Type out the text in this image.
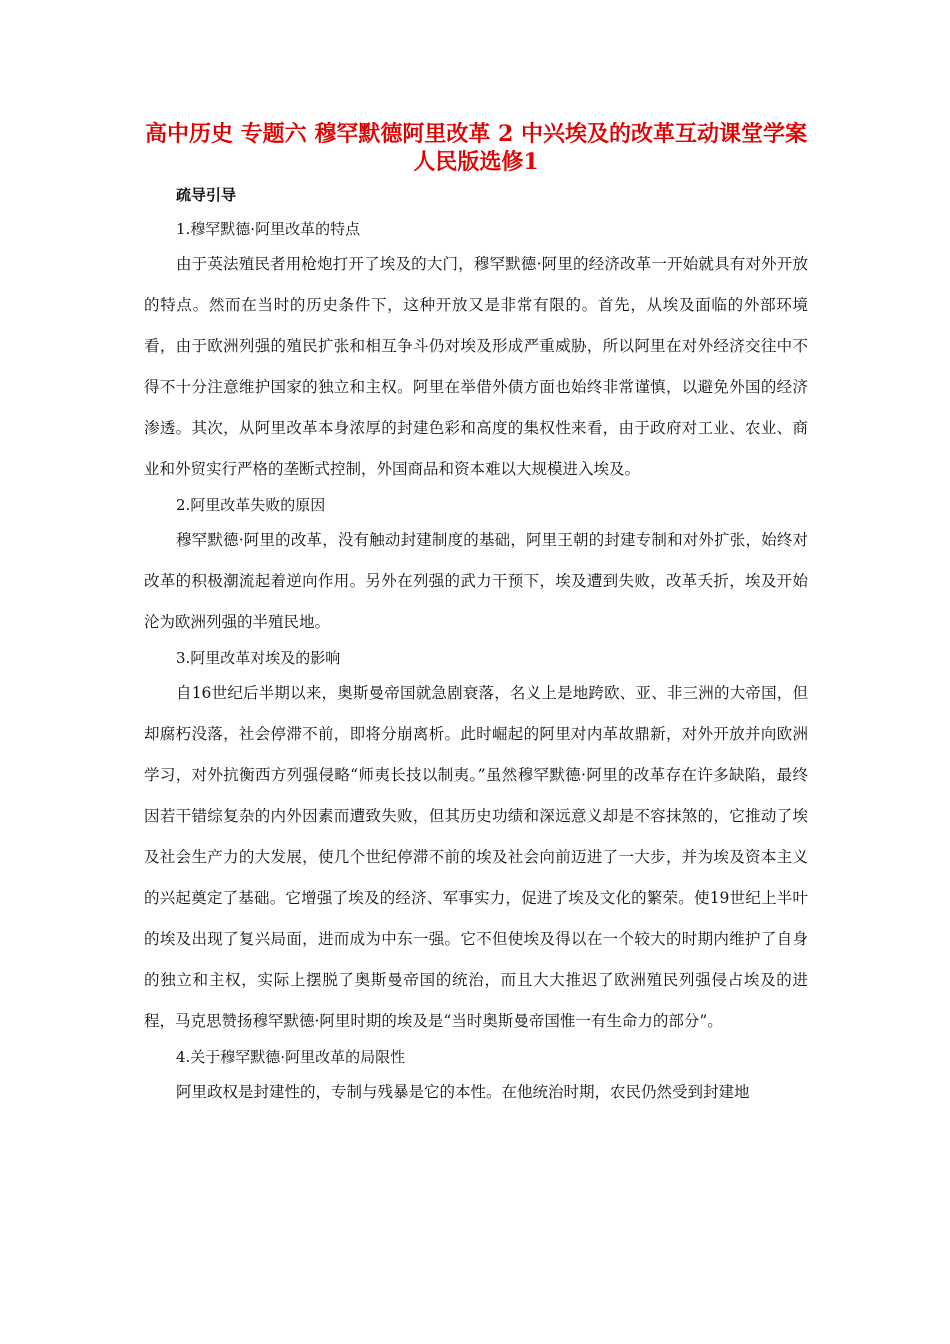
高中历史 专题六 穆罕默德阿里改革 2 中兴埃及的改革互动课堂学案 人民版选修1
疏导引导
1.穆罕默德·阿里改革的特点

由于英法殖民者用枪炮打开了埃及的大门，穆罕默德·阿里的经济改革一开始就具有对外开放的特点。然而在当时的历史条件下，这种开放又是非常有限的。首先，从埃及面临的外部环境看，由于欧洲列强的殖民扩张和相互争斗仍对埃及形成严重威胁，所以阿里在对外经济交往中不得不十分注意维护国家的独立和主权。阿里在举借外债方面也始终非常谨慎，以避免外国的经济渗透。其次，从阿里改革本身浓厚的封建色彩和高度的集权性来看，由于政府对工业、农业、商业和外贸实行严格的垄断式控制，外国商品和资本难以大规模进入埃及。

2.阿里改革失败的原因

穆罕默德·阿里的改革，没有触动封建制度的基础，阿里王朝的封建专制和对外扩张，始终对改革的积极潮流起着逆向作用。另外在列强的武力干预下，埃及遭到失败，改革夭折，埃及开始沦为欧洲列强的半殖民地。

3.阿里改革对埃及的影响

自16世纪后半期以来，奥斯曼帝国就急剧衰落，名义上是地跨欧、亚、非三洲的大帝国，但却腐朽没落，社会停滞不前，即将分崩离析。此时崛起的阿里对内革故鼎新，对外开放并向欧洲学习，对外抗衡西方列强侵略“师夷长技以制夷。”虽然穆罕默德·阿里的改革存在许多缺陷，最终因若干错综复杂的内外因素而遭致失败，但其历史功绩和深远意义却是不容抹煞的，它推动了埃及社会生产力的大发展，使几个世纪停滞不前的埃及社会向前迈进了一大步，并为埃及资本主义的兴起奠定了基础。它增强了埃及的经济、军事实力，促进了埃及文化的繁荣。使19世纪上半叶的埃及出现了复兴局面，进而成为中东一强。它不但使埃及得以在一个较大的时期内维护了自身的独立和主权，实际上摆脱了奥斯曼帝国的统治，而且大大推迟了欧洲殖民列强侵占埃及的进程，马克思赞扬穆罕默德·阿里时期的埃及是“当时奥斯曼帝国惟一有生命力的部分”。

4.关于穆罕默德·阿里改革的局限性

阿里政权是封建性的，专制与残暴是它的本性。在他统治时期，农民仍然受到封建地
